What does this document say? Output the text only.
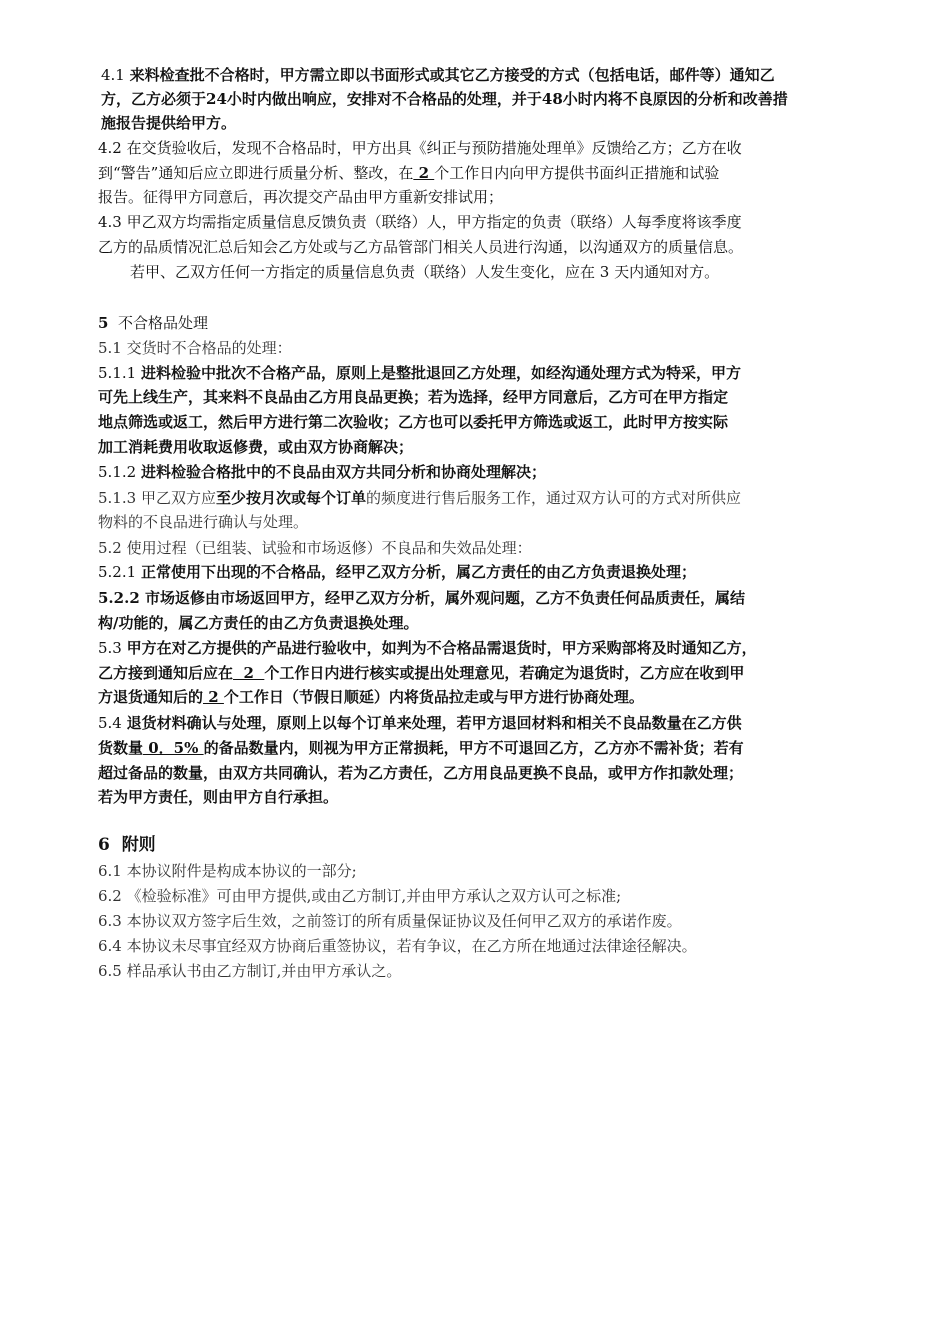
4.1 来料检查批不合格时，甲方需立即以书面形式或其它乙方接受的方式（包括电话，邮件等）通知乙
方，乙方必须于24小时内做出响应，安排对不合格品的处理，并于48小时内将不良原因的分析和改善措
施报告提供给甲方。
4.2 在交货验收后，发现不合格品时，甲方出具《纠正与预防措施处理单》反馈给乙方；乙方在收
到“警告”通知后应立即进行质量分析、整改，在 2 个工作日内向甲方提供书面纠正措施和试验
报告。征得甲方同意后，再次提交产品由甲方重新安排试用；
4.3 甲乙双方均需指定质量信息反馈负责（联络）人，甲方指定的负责（联络）人每季度将该季度
乙方的品质情况汇总后知会乙方处或与乙方品管部门相关人员进行沟通，以沟通双方的质量信息。
若甲、乙双方任何一方指定的质量信息负责（联络）人发生变化，应在 3 天内通知对方。
5 不合格品处理
5.1 交货时不合格品的处理：
5.1.1 进料检验中批次不合格产品，原则上是整批退回乙方处理，如经沟通处理方式为特采，甲方
可先上线生产，其来料不良品由乙方用良品更换；若为选择，经甲方同意后，乙方可在甲方指定
地点筛选或返工，然后甲方进行第二次验收；乙方也可以委托甲方筛选或返工，此时甲方按实际
加工消耗费用收取返修费，或由双方协商解决；
5.1.2 进料检验合格批中的不良品由双方共同分析和协商处理解决；
5.1.3 甲乙双方应至少按月次或每个订单的频度进行售后服务工作，通过双方认可的方式对所供应
物料的不良品进行确认与处理。
5.2 使用过程（已组装、试验和市场返修）不良品和失效品处理：
5.2.1 正常使用下出现的不合格品，经甲乙双方分析，属乙方责任的由乙方负责退换处理；
5.2.2 市场返修由市场返回甲方，经甲乙双方分析，属外观问题，乙方不负责任何品质责任，属结
构/功能的，属乙方责任的由乙方负责退换处理。
5.3 甲方在对乙方提供的产品进行验收中，如判为不合格品需退货时，甲方采购部将及时通知乙方，
乙方接到通知后应在  2  个工作日内进行核实或提出处理意见，若确定为退货时，乙方应在收到甲
方退货通知后的 2 个工作日（节假日顺延）内将货品拉走或与甲方进行协商处理。
5.4 退货材料确认与处理，原则上以每个订单来处理，若甲方退回材料和相关不良品数量在乙方供
货数量 0．5% 的备品数量内，则视为甲方正常损耗，甲方不可退回乙方，乙方亦不需补货；若有
超过备品的数量，由双方共同确认，若为乙方责任，乙方用良品更换不良品，或甲方作扣款处理；
若为甲方责任，则由甲方自行承担。
6 附则
6.1 本协议附件是构成本协议的一部分;
6.2 《检验标准》可由甲方提供,或由乙方制订,并由甲方承认之双方认可之标准;
6.3 本协议双方签字后生效，之前签订的所有质量保证协议及任何甲乙双方的承诺作废。
6.4 本协议未尽事宜经双方协商后重签协议，若有争议，在乙方所在地通过法律途径解决。
6.5 样品承认书由乙方制订,并由甲方承认之。
